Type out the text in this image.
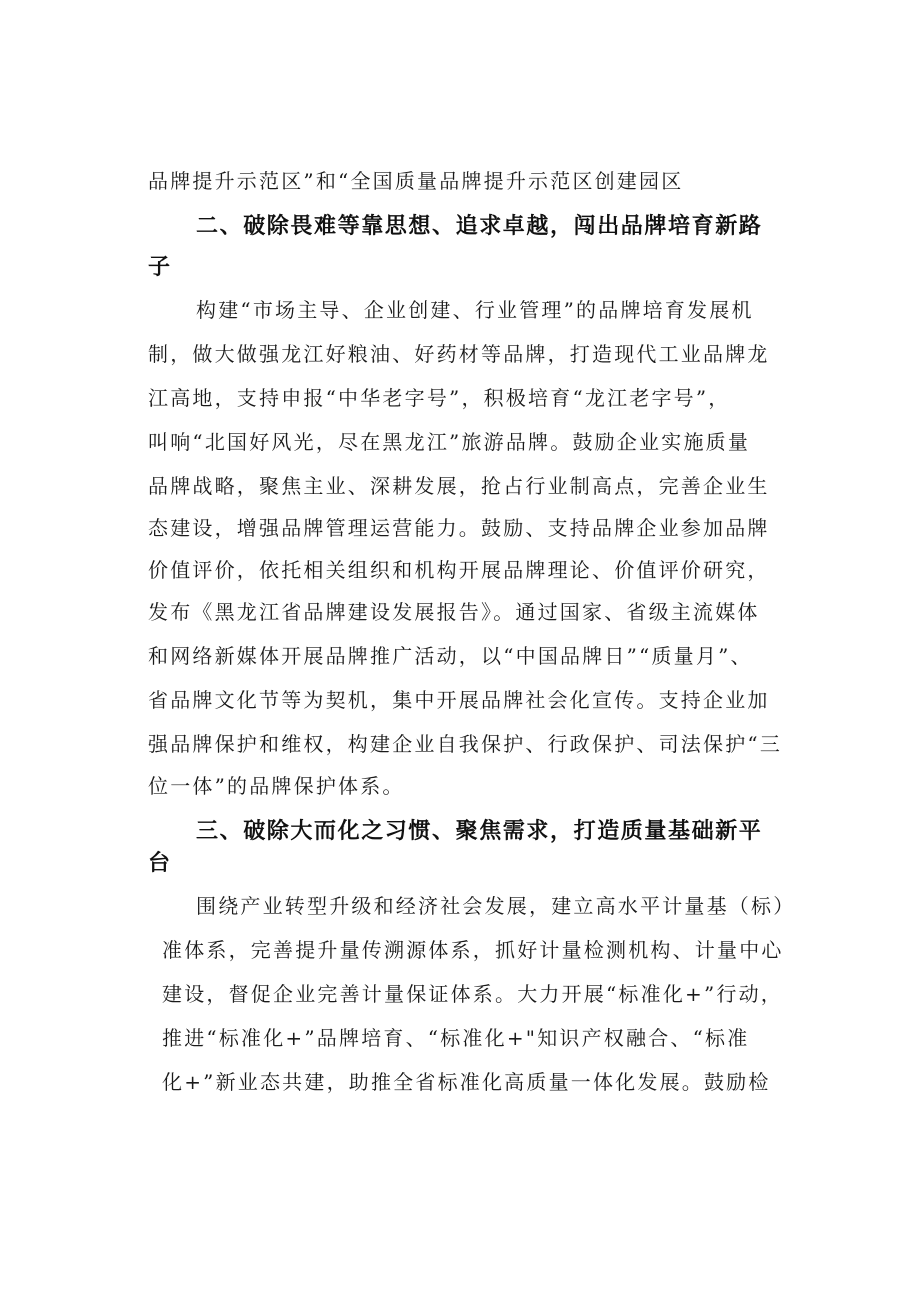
品牌提升示范区”和“全国质量品牌提升示范区创建园区
二、破除畏难等靠思想、追求卓越，闯出品牌培育新路
子
构建“市场主导、企业创建、行业管理”的品牌培育发展机
制，做大做强龙江好粮油、好药材等品牌，打造现代工业品牌龙
江高地，支持申报“中华老字号”，积极培育“龙江老字号”，
叫响“北国好风光，尽在黑龙江”旅游品牌。鼓励企业实施质量
品牌战略，聚焦主业、深耕发展，抢占行业制高点，完善企业生
态建设，增强品牌管理运营能力。鼓励、支持品牌企业参加品牌
价值评价，依托相关组织和机构开展品牌理论、价值评价研究，
发布《黑龙江省品牌建设发展报告》。通过国家、省级主流媒体
和网络新媒体开展品牌推广活动，以“中国品牌日”“质量月”、
省品牌文化节等为契机，集中开展品牌社会化宣传。支持企业加
强品牌保护和维权，构建企业自我保护、行政保护、司法保护“三
位一体”的品牌保护体系。
三、破除大而化之习惯、聚焦需求，打造质量基础新平
台
围绕产业转型升级和经济社会发展，建立高水平计量基（标）
准体系，完善提升量传溯源体系，抓好计量检测机构、计量中心
建设，督促企业完善计量保证体系。大力开展“标准化+”行动，
推进“标准化+”品牌培育、“标准化+"知识产权融合、“标准
化+”新业态共建，助推全省标准化高质量一体化发展。鼓励检
